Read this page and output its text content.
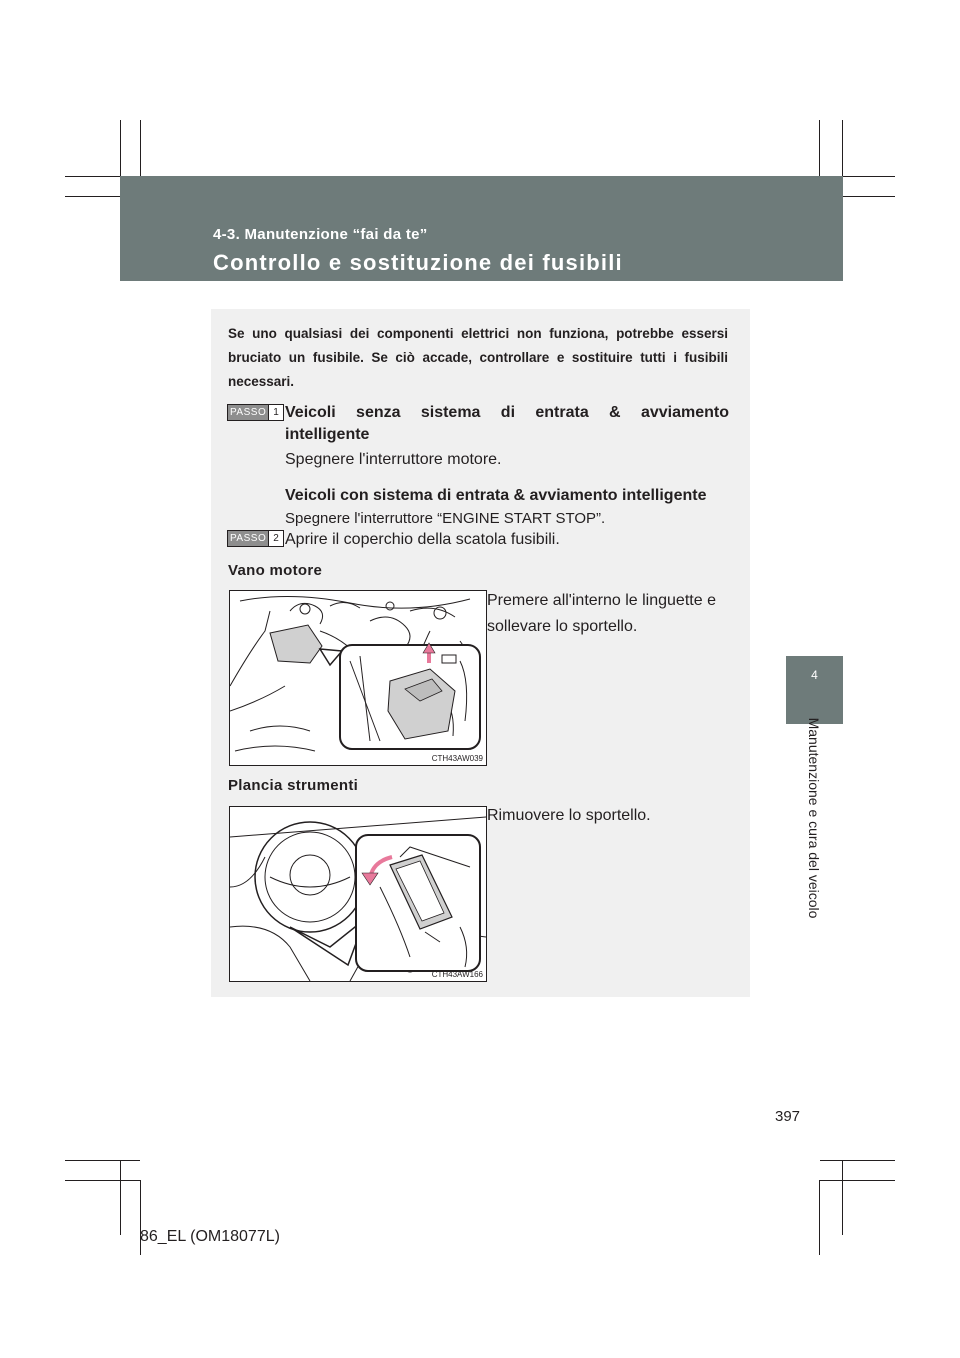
4-3. Manutenzione “fai da te”
Controllo e sostituzione dei fusibili
4
Manutenzione e cura del veicolo
Se uno qualsiasi dei componenti elettrici non funziona, potrebbe essersi bruciato un fusibile. Se ciò accade, controllare e sostituire tutti i fusibili necessari.
PASSO 1 Veicoli senza sistema di entrata & avviamento
intelligente
Spegnere l'interruttore motore.
Veicoli con sistema di entrata & avviamento intelligente
Spegnere l'interruttore “ENGINE START STOP”.
PASSO 2 Aprire il coperchio della scatola fusibili.
Vano motore
CTH43AW039
Premere all'interno le linguette e sollevare lo sportello.
Plancia strumenti
CTH43AW166
Rimuovere lo sportello.
397
86_EL (OM18077L)
